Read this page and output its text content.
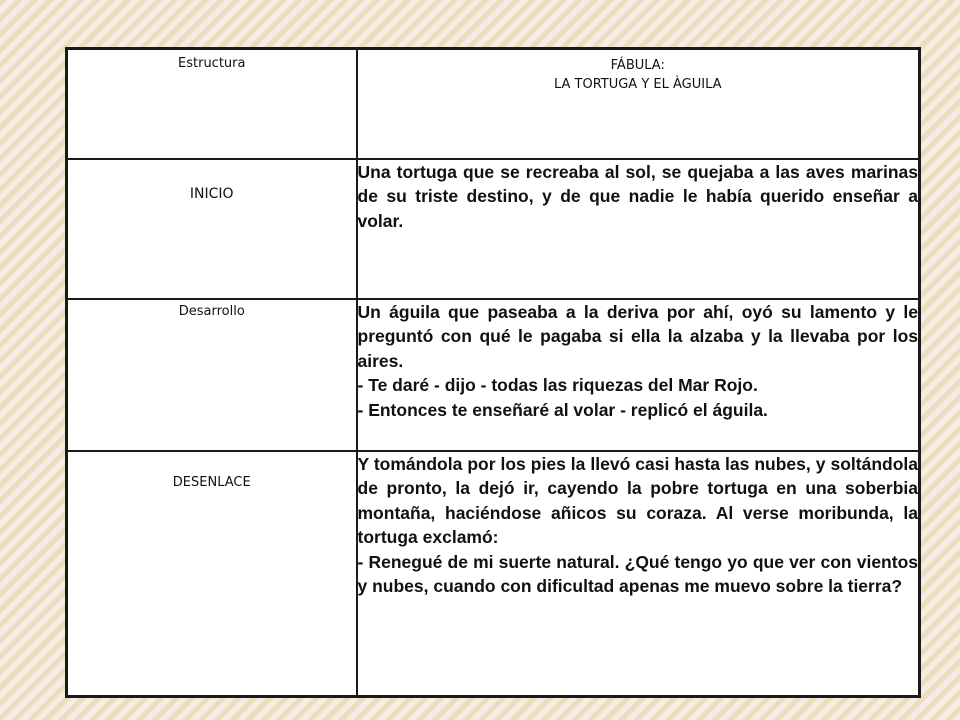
Estructura	FÁBULA:
LA TORTUGA Y EL ÀGUILA

INICIO	Una tortuga que se recreaba al sol, se quejaba a las aves marinas de su triste destino, y de que nadie le había querido enseñar a volar.

Desarrollo	Un águila que paseaba a la deriva por ahí, oyó su lamento y le preguntó con qué le pagaba si ella la alzaba y la llevaba por los aires.

- Te daré - dijo - todas las riquezas del Mar Rojo.

- Entonces te enseñaré al volar - replicó el águila.

DESENLACE	Y tomándola por los pies la llevó casi hasta las nubes, y soltándola de pronto, la dejó ir, cayendo la pobre tortuga en una soberbia montaña, haciéndose añicos su coraza. Al verse moribunda, la tortuga exclamó:

- Renegué de mi suerte natural. ¿Qué tengo yo que ver con vientos y nubes, cuando con dificultad apenas me muevo sobre la tierra?
